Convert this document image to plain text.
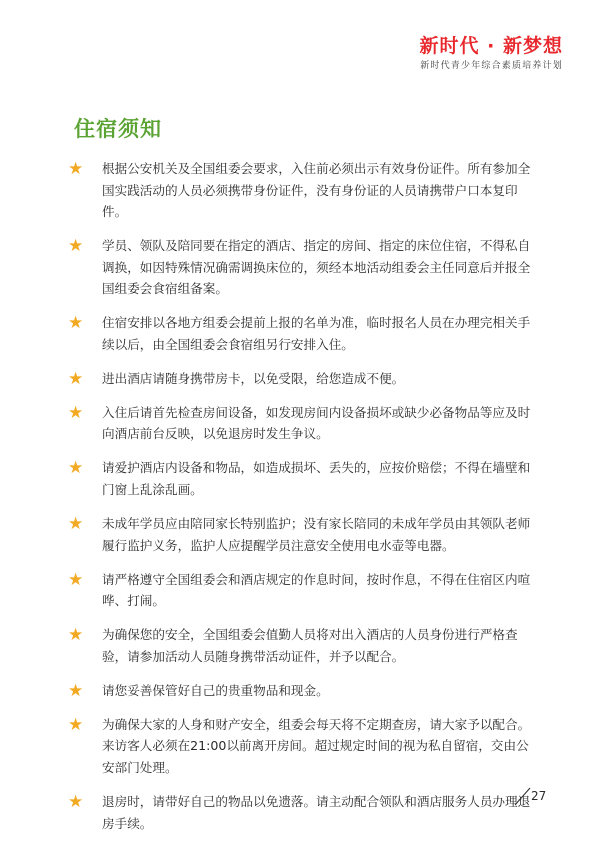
新时代 · 新梦想
新时代青少年综合素质培养计划
住宿须知
★ 根据公安机关及全国组委会要求，入住前必须出示有效身份证件。所有参加全国实践活动的人员必须携带身份证件，没有身份证的人员请携带户口本复印件。
★ 学员、领队及陪同要在指定的酒店、指定的房间、指定的床位住宿，不得私自调换，如因特殊情况确需调换床位的，须经本地活动组委会主任同意后并报全国组委会食宿组备案。
★ 住宿安排以各地方组委会提前上报的名单为准，临时报名人员在办理完相关手续以后，由全国组委会食宿组另行安排入住。
★ 进出酒店请随身携带房卡，以免受限，给您造成不便。
★ 入住后请首先检查房间设备，如发现房间内设备损坏或缺少必备物品等应及时向酒店前台反映，以免退房时发生争议。
★ 请爱护酒店内设备和物品，如造成损坏、丢失的，应按价赔偿；不得在墙壁和门窗上乱涂乱画。
★ 未成年学员应由陪同家长特别监护；没有家长陪同的未成年学员由其领队老师履行监护义务，监护人应提醒学员注意安全使用电水壶等电器。
★ 请严格遵守全国组委会和酒店规定的作息时间，按时作息，不得在住宿区内喧哗、打闹。
★ 为确保您的安全，全国组委会值勤人员将对出入酒店的人员身份进行严格查验，请参加活动人员随身携带活动证件，并予以配合。
★ 请您妥善保管好自己的贵重物品和现金。
★ 为确保大家的人身和财产安全，组委会每天将不定期查房，请大家予以配合。来访客人必须在21:00以前离开房间。超过规定时间的视为私自留宿，交由公安部门处理。
★ 退房时，请带好自己的物品以免遗落。请主动配合领队和酒店服务人员办理退房手续。
27
